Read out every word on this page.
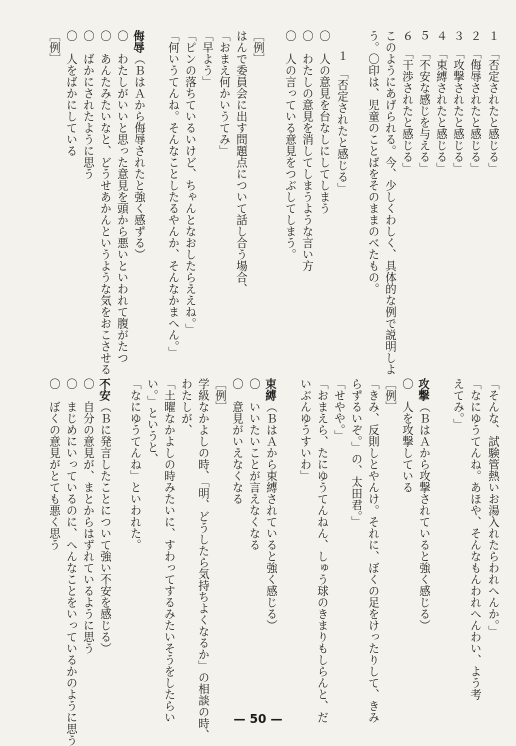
— 50 —
１　「否定されたと感じる」
２　「侮辱されたと感じる」
３　「攻撃されたと感じる」
４　「束縛されたと感じる」
５　「不安な感じを与える」
６　「干渉されたと感じる」
このようにあげられる。今、少しくわしく、具体的な例で説明しよ
う。〇印は、児童のことばをそのままのべたもの。
１　「否定されたと感じる」
〇　人の意見を台なしにしてしまう
〇　わたしの意見を消してしまうような言い方
〇　人の言っている意見をつぶしてしまう。
［例］
はんで委員会に出す問題点について話し合う場合、
「おまえ何かいうてみ」
「早よう」
「ピンの落ちているいけど、ちゃんとなおしたらええね。」
「何いうてんね。そんなことしたるやんか、そんなかまへん。」
侮辱（ＢはＡから侮辱されたと強く感ずる）
〇　わたしがいいと思った意見を頭から悪いといわれて腹がたつ
〇　あんたみたいなと、どうせあかんというような気をおこさせる
〇　ばかにされたように思う
〇　人をばかにしている
［例］
「そんな、試験管熱いお湯入れたらわれへんか。」
「なにゆうてんね。あほや、そんなもんわれへんわい、よう考
えてみ。」
攻撃（ＢはＡから攻撃されていると強く感じる）
〇　人を攻撃している
［例］
「きみ、反則しとやんけ。それに、ぼくの足をけったりして、きみ
らずるいぞ。」の、太田君。」
「せやや。」
「おまえら、たにゆうてんねん、しゅう球のきまりもしらんと、だ
いぶんゆうすいわ」
束縛（ＢはＡから束縛されていると強く感じる）
〇　いいたいことが言えなくなる
〇　意見がいえなくなる
［例］
学級なかよしの時、「明、どうしたら気持ちよくなるか」の相談の時、
わたしが、
「土曜なかよしの時みたいに、すわってするみたいそうをしたらい
い。」というと、
「なにゆうてんね」といわれた。
不安（Ｂに発言したことについて強い不安を感じる）
〇　自分の意見が、まとからはずれているように思う
〇　まじめにいっているのに、へんなことをいっているかのように思う
〇　ぼくの意見がとても悪く思う
